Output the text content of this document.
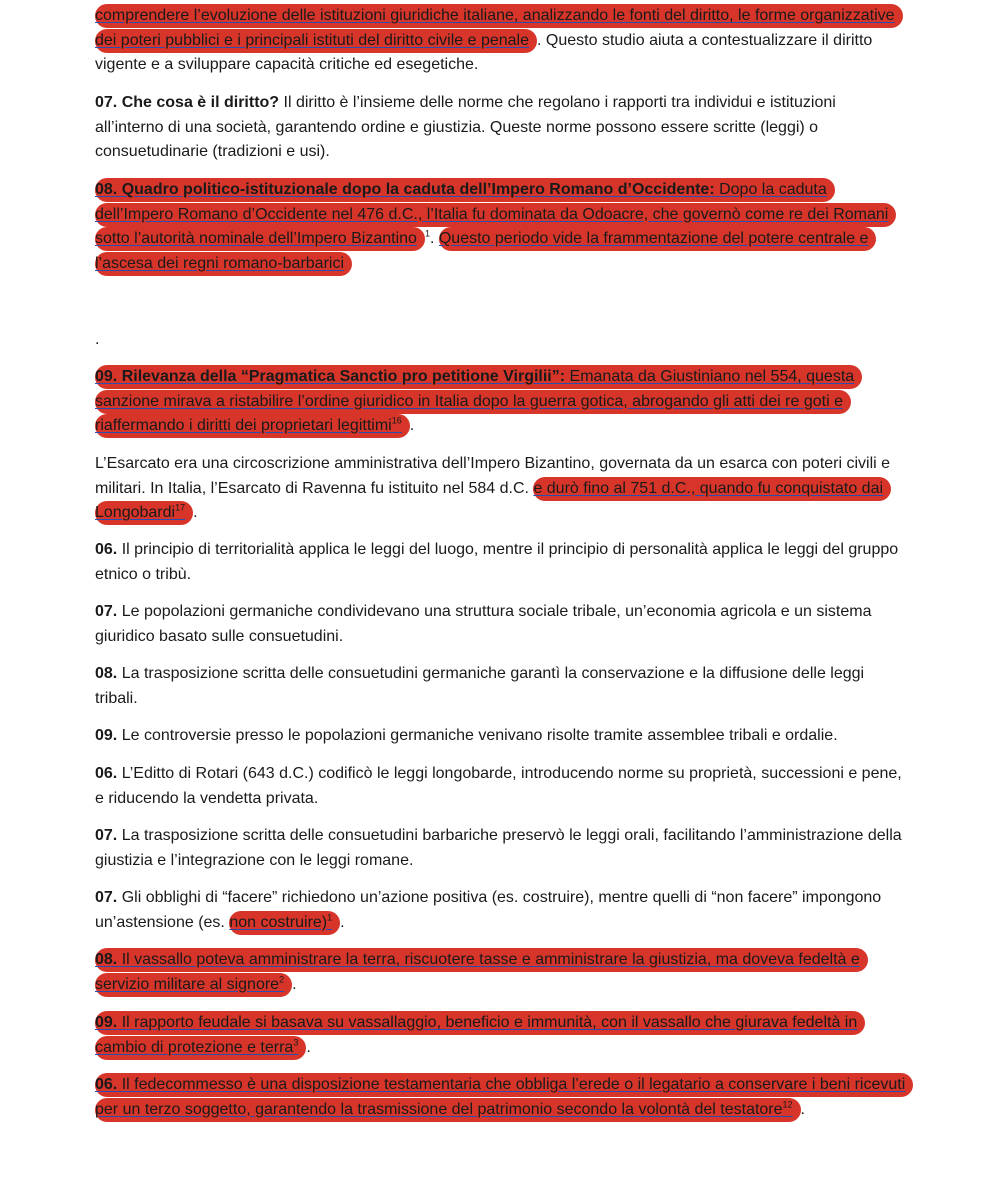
comprendere l’evoluzione delle istituzioni giuridiche italiane, analizzando le fonti del diritto, le forme organizzative dei poteri pubblici e i principali istituti del diritto civile e penale . Questo studio aiuta a contestualizzare il diritto vigente e a sviluppare capacità critiche ed esegetiche.

07. Che cosa è il diritto? Il diritto è l’insieme delle norme che regolano i rapporti tra individui e istituzioni all’interno di una società, garantendo ordine e giustizia. Queste norme possono essere scritte (leggi) o consuetudinarie (tradizioni e usi).

08. Quadro politico-istituzionale dopo la caduta dell’Impero Romano d’Occidente: Dopo la caduta dell’Impero Romano d’Occidente nel 476 d.C., l’Italia fu dominata da Odoacre, che governò come re dei Romani sotto l’autorità nominale dell’Impero Bizantino $^1$. Questo periodo vide la frammentazione del potere centrale e l’ascesa dei regni romano-barbarici

.

09. Rilevanza della “Pragmatica Sanctio pro petitione Virgilii”: Emanata da Giustiniano nel 554, questa sanzione mirava a ristabilire l’ordine giuridico in Italia dopo la guerra gotica, abrogando gli atti dei re goti e riaffermando i diritti dei proprietari legittimi$^{16}$ .

L’Esarcato era una circoscrizione amministrativa dell’Impero Bizantino, governata da un esarca con poteri civili e militari. In Italia, l’Esarcato di Ravenna fu istituito nel 584 d.C. e durò fino al 751 d.C., quando fu conquistato dai Longobardi$^{17}$ .

06. Il principio di territorialità applica le leggi del luogo, mentre il principio di personalità applica le leggi del gruppo etnico o tribù.

07. Le popolazioni germaniche condividevano una struttura sociale tribale, un’economia agricola e un sistema giuridico basato sulle consuetudini.

08. La trasposizione scritta delle consuetudini germaniche garantì la conservazione e la diffusione delle leggi tribali.

09. Le controversie presso le popolazioni germaniche venivano risolte tramite assemblee tribali e ordalie.

06. L’Editto di Rotari (643 d.C.) codificò le leggi longobarde, introducendo norme su proprietà, successioni e pene, e riducendo la vendetta privata.

07. La trasposizione scritta delle consuetudini barbariche preservò le leggi orali, facilitando l’amministrazione della giustizia e l’integrazione con le leggi romane.

07. Gli obblighi di “facere” richiedono un’azione positiva (es. costruire), mentre quelli di “non facere” impongono un’astensione (es. non costruire)$^1$ .

08. Il vassallo poteva amministrare la terra, riscuotere tasse e amministrare la giustizia, ma doveva fedeltà e servizio militare al signore$^2$ .

09. Il rapporto feudale si basava su vassallaggio, beneficio e immunità, con il vassallo che giurava fedeltà in cambio di protezione e terra$^3$ .

06. Il fedecommesso è una disposizione testamentaria che obbliga l’erede o il legatario a conservare i beni ricevuti per un terzo soggetto, garantendo la trasmissione del patrimonio secondo la volontà del testatore$^{12}$ .
